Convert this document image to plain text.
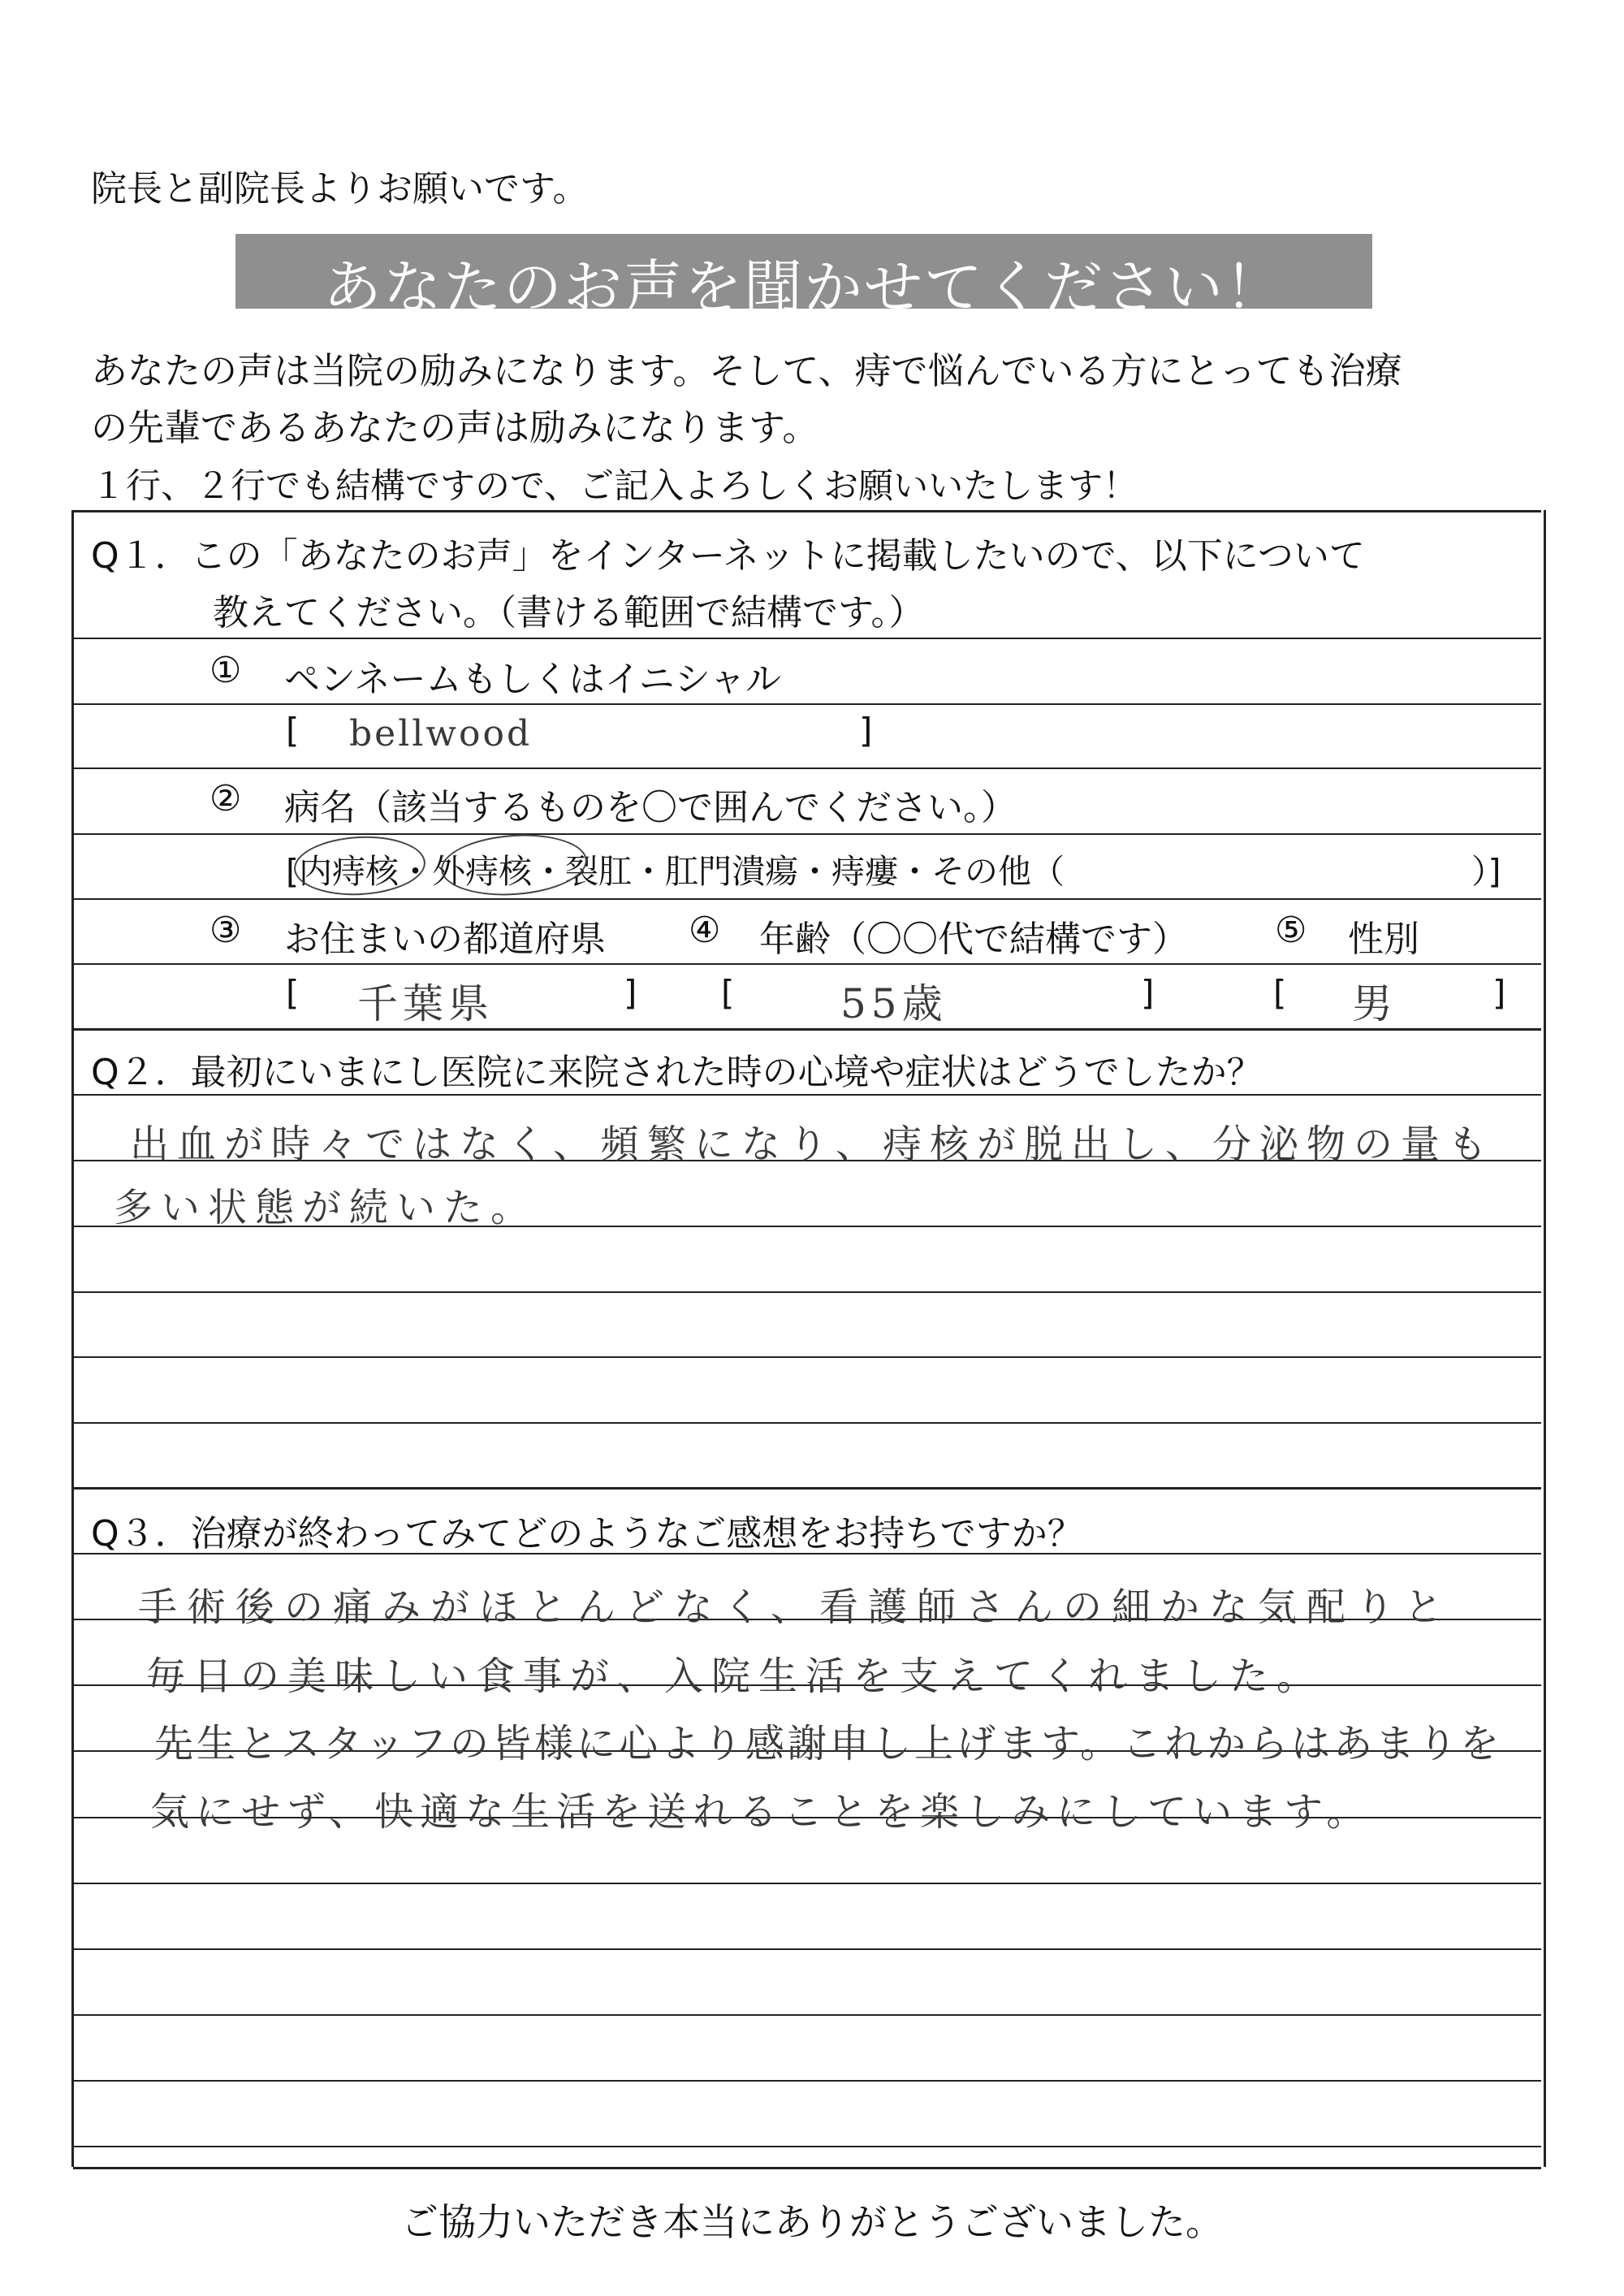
院長と副院長よりお願いです。
あなたのお声を聞かせてください！
あなたの声は当院の励みになります。そして、痔で悩んでいる方にとっても治療
の先輩であるあなたの声は励みになります。
１行、２行でも結構ですので、ご記入よろしくお願いいたします！
Q１．この「あなたのお声」をインターネットに掲載したいので、以下について
教えてください。（書ける範囲で結構です。）
① ペンネームもしくはイニシャル
[ bellwood	]
② 病名（該当するものを〇で囲んでください。）
[内痔核・外痔核・裂肛・肛門潰瘍・痔瘻・その他（	）]
③ お住まいの都道府県 ④ 年齢（〇〇代で結構です） ⑤ 性別
[ 千葉県	] [	55歳	]	[ 男	]
Q２．最初にいまにし医院に来院された時の心境や症状はどうでしたか？
出血が時々ではなく、頻繁になり、痔核が脱出し、分泌物の量も
多い状態が続いた。
Q３．治療が終わってみてどのようなご感想をお持ちですか？
手術後の痛みがほとんどなく、看護師さんの細かな気配りと
毎日の美味しい食事が、入院生活を支えてくれました。
先生とスタッフの皆様に心より感謝申し上げます。これからはあまりを
気にせず、快適な生活を送れることを楽しみにしています。
ご協力いただき本当にありがとうございました。
